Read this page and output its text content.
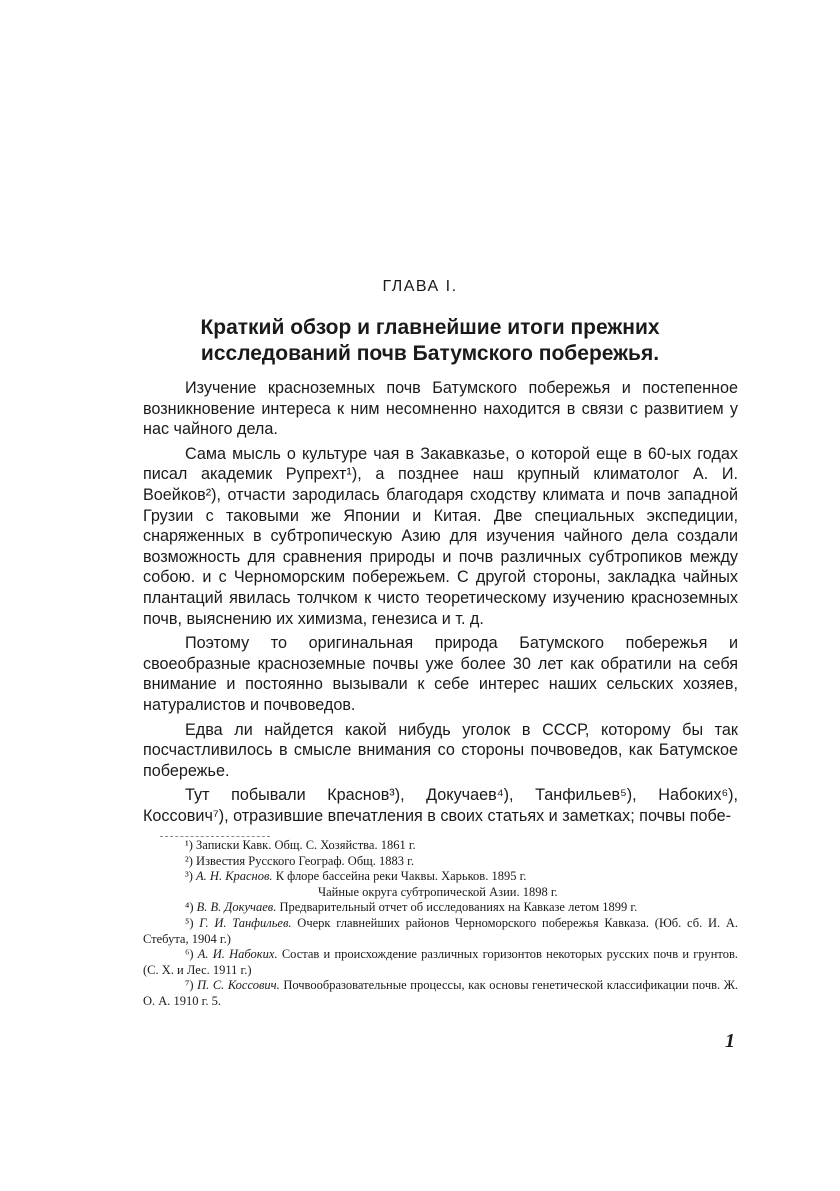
ГЛАВА I.
Краткий обзор и главнейшие итоги прежних исследований почв Батумского побережья.

Изучение красноземных почв Батумского побережья и постепенное возникновение интереса к ним несомненно находится в связи с развитием у нас чайного дела.

Сама мысль о культуре чая в Закавказье, о которой еще в 60-ых годах писал академик Рупрехт¹), а позднее наш крупный климатолог А. И. Воейков²), отчасти зародилась благодаря сходству климата и почв западной Грузии с таковыми же Японии и Китая. Две специальных экспедиции, снаряженных в субтропическую Азию для изучения чайного дела создали возможность для сравнения природы и почв различных субтропиков между собою. и с Черноморским побережьем. С другой стороны, закладка чайных плантаций явилась толчком к чисто теоретическому изучению красноземных почв, выяснению их химизма, генезиса и т. д.

Поэтому то оригинальная природа Батумского побережья и своеобразные красноземные почвы уже более 30 лет как обратили на себя внимание и постоянно вызывали к себе интерес наших сельских хозяев, натуралистов и почвоведов.

Едва ли найдется какой нибудь уголок в СССР, которому бы так посчастливилось в смысле внимания со стороны почвоведов, как Батумское побережье.

Тут побывали Краснов³), Докучаев⁴), Танфильев⁵), Набоких⁶), Коссович⁷), отразившие впечатления в своих статьях и заметках; почвы побе-

¹) Записки Кавк. Общ. С. Хозяйства. 1861 г.
²) Известия Русского Географ. Общ. 1883 г.
³) А. Н. Краснов. К флоре бассейна реки Чаквы. Харьков. 1895 г.
Чайные округа субтропической Азии. 1898 г.
⁴) В. В. Докучаев. Предварительный отчет об исследованиях на Кавказе летом 1899 г.
⁵) Г. И. Танфильев. Очерк главнейших районов Черноморского побережья Кавказа. (Юб. сб. И. А. Стебута, 1904 г.)
⁶) А. И. Набоких. Состав и происхождение различных горизонтов некоторых русских почв и грунтов. (С. Х. и Лес. 1911 г.)
⁷) П. С. Коссович. Почвообразовательные процессы, как основы генетической классификации почв. Ж. О. А. 1910 г. 5.
1
